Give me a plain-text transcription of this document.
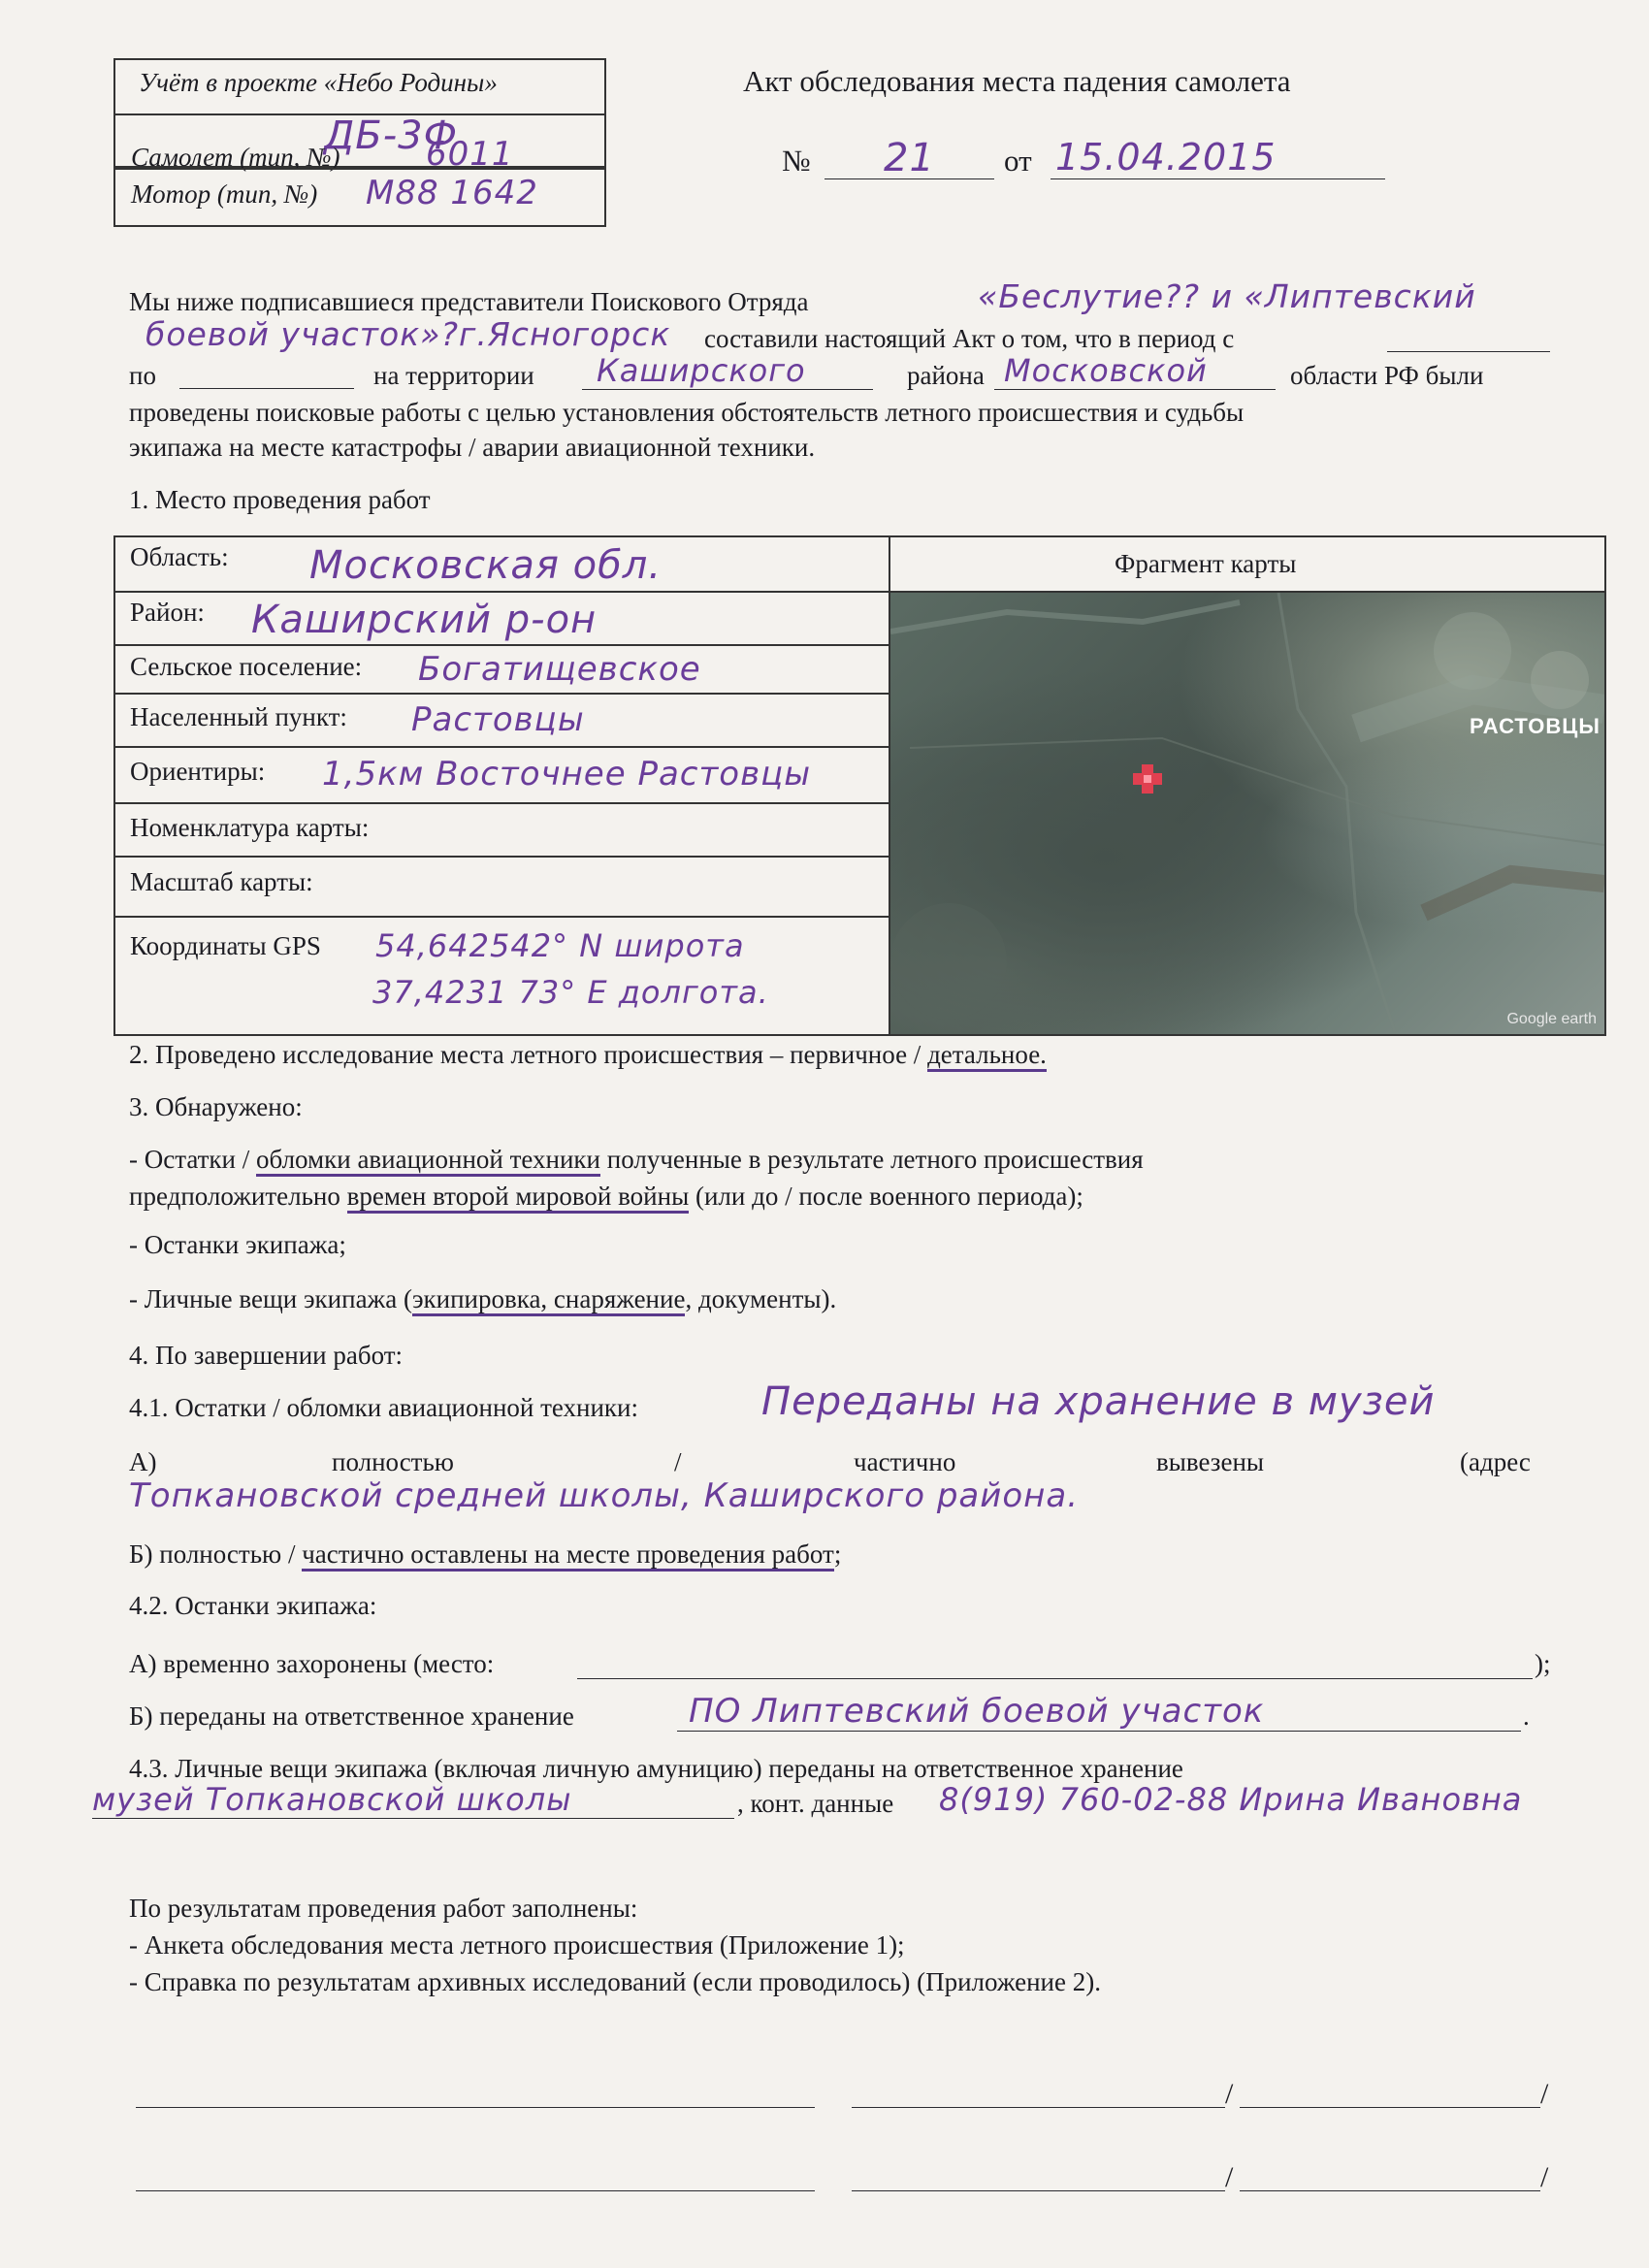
Учёт в проекте «Небо Родины»
ДБ-3Ф
Самолет (тип, №)	6011
Мотор (тип, №) М88 1642
Акт обследования места падения самолета
№	21	от 15.04.2015
Мы ниже подписавшиеся представители Поискового Отряда	«Беслутие?? и «Липтевский
боевой участок»?г.Ясногорск составили настоящий Акт о том, что в период с
по	на территории Каширского	района Московской	области РФ были
проведены поисковые работы с целью установления обстоятельств летного происшествия и судьбы
экипажа на месте катастрофы / аварии авиационной техники.
1. Место проведения работ
Фрагмент карты
Область: Московская обл.
Район: Каширский р-он
Сельское поселение: Богатищевское
Населенный пункт: Растовцы
Ориентиры: 1,5км Восточнее Растовцы
Номенклатура карты:
Масштаб карты:
Координаты GPS 54,642542° N широта
37,4231 73° E долгота.
РАСТОВЦЫ
Google earth
2. Проведено исследование места летного происшествия – первичное / детальное.
3. Обнаружено:
- Остатки / обломки авиационной техники полученные в результате летного происшествия
предположительно времен второй мировой войны (или до / после военного периода);
- Останки экипажа;
- Личные вещи экипажа (экипировка, снаряжение, документы).
4. По завершении работ:
4.1. Остатки / обломки авиационной техники:	Переданы на хранение в музей
А)	полностью	/	частично	вывезены	(адрес
Топкановской средней школы, Каширского района.
Б) полностью / частично оставлены на месте проведения работ;
4.2. Останки экипажа:
А) временно захоронены (место:	);
Б) переданы на ответственное хранение	ПО Липтевский боевой участок	.
4.3. Личные вещи экипажа (включая личную амуницию) переданы на ответственное хранение
музей Топкановской школы	, конт. данные 8(919) 760-02-88 Ирина Ивановна
По результатам проведения работ заполнены:
- Анкета обследования места летного происшествия (Приложение 1);
- Справка по результатам архивных исследований (если проводилось) (Приложение 2).
/	/
/	/
